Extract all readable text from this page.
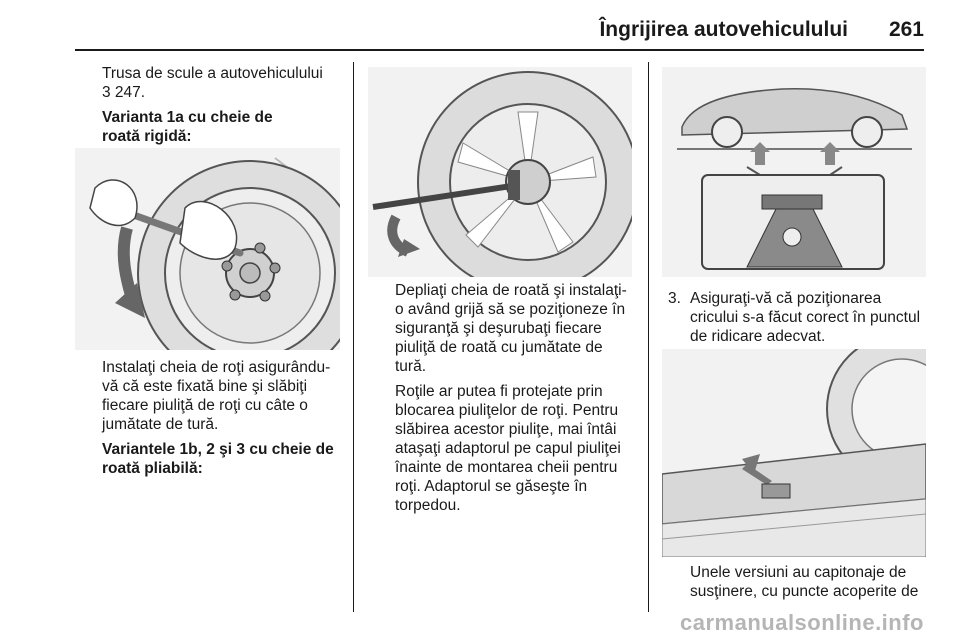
Îngrijirea autovehiculului 261

Trusa de scule a autovehiculului

3 247.

Varianta 1a cu cheie de roată rigidă:

Instalaţi cheia de roţi asigurându-vă că este fixată bine şi slăbiţi fiecare piuliţă de roţi cu câte o jumătate de tură.

Variantele 1b, 2 şi 3 cu cheie de roată pliabilă:

Depliaţi cheia de roată şi instalaţi-o având grijă să se poziţioneze în siguranţă şi deşurubaţi fiecare piuliţă de roată cu jumătate de tură.

Roţile ar putea fi protejate prin blocarea piuliţelor de roţi. Pentru slăbirea acestor piuliţe, mai întâi ataşaţi adaptorul pe capul piuliţei înainte de montarea cheii pentru roţi. Adaptorul se găseşte în torpedou.

3. Asiguraţi-vă că poziţionarea cricului s-a făcut corect în punctul de ridicare adecvat.

Unele versiuni au capitonaje de susţinere, cu puncte acoperite de

carmanualsonline.info
